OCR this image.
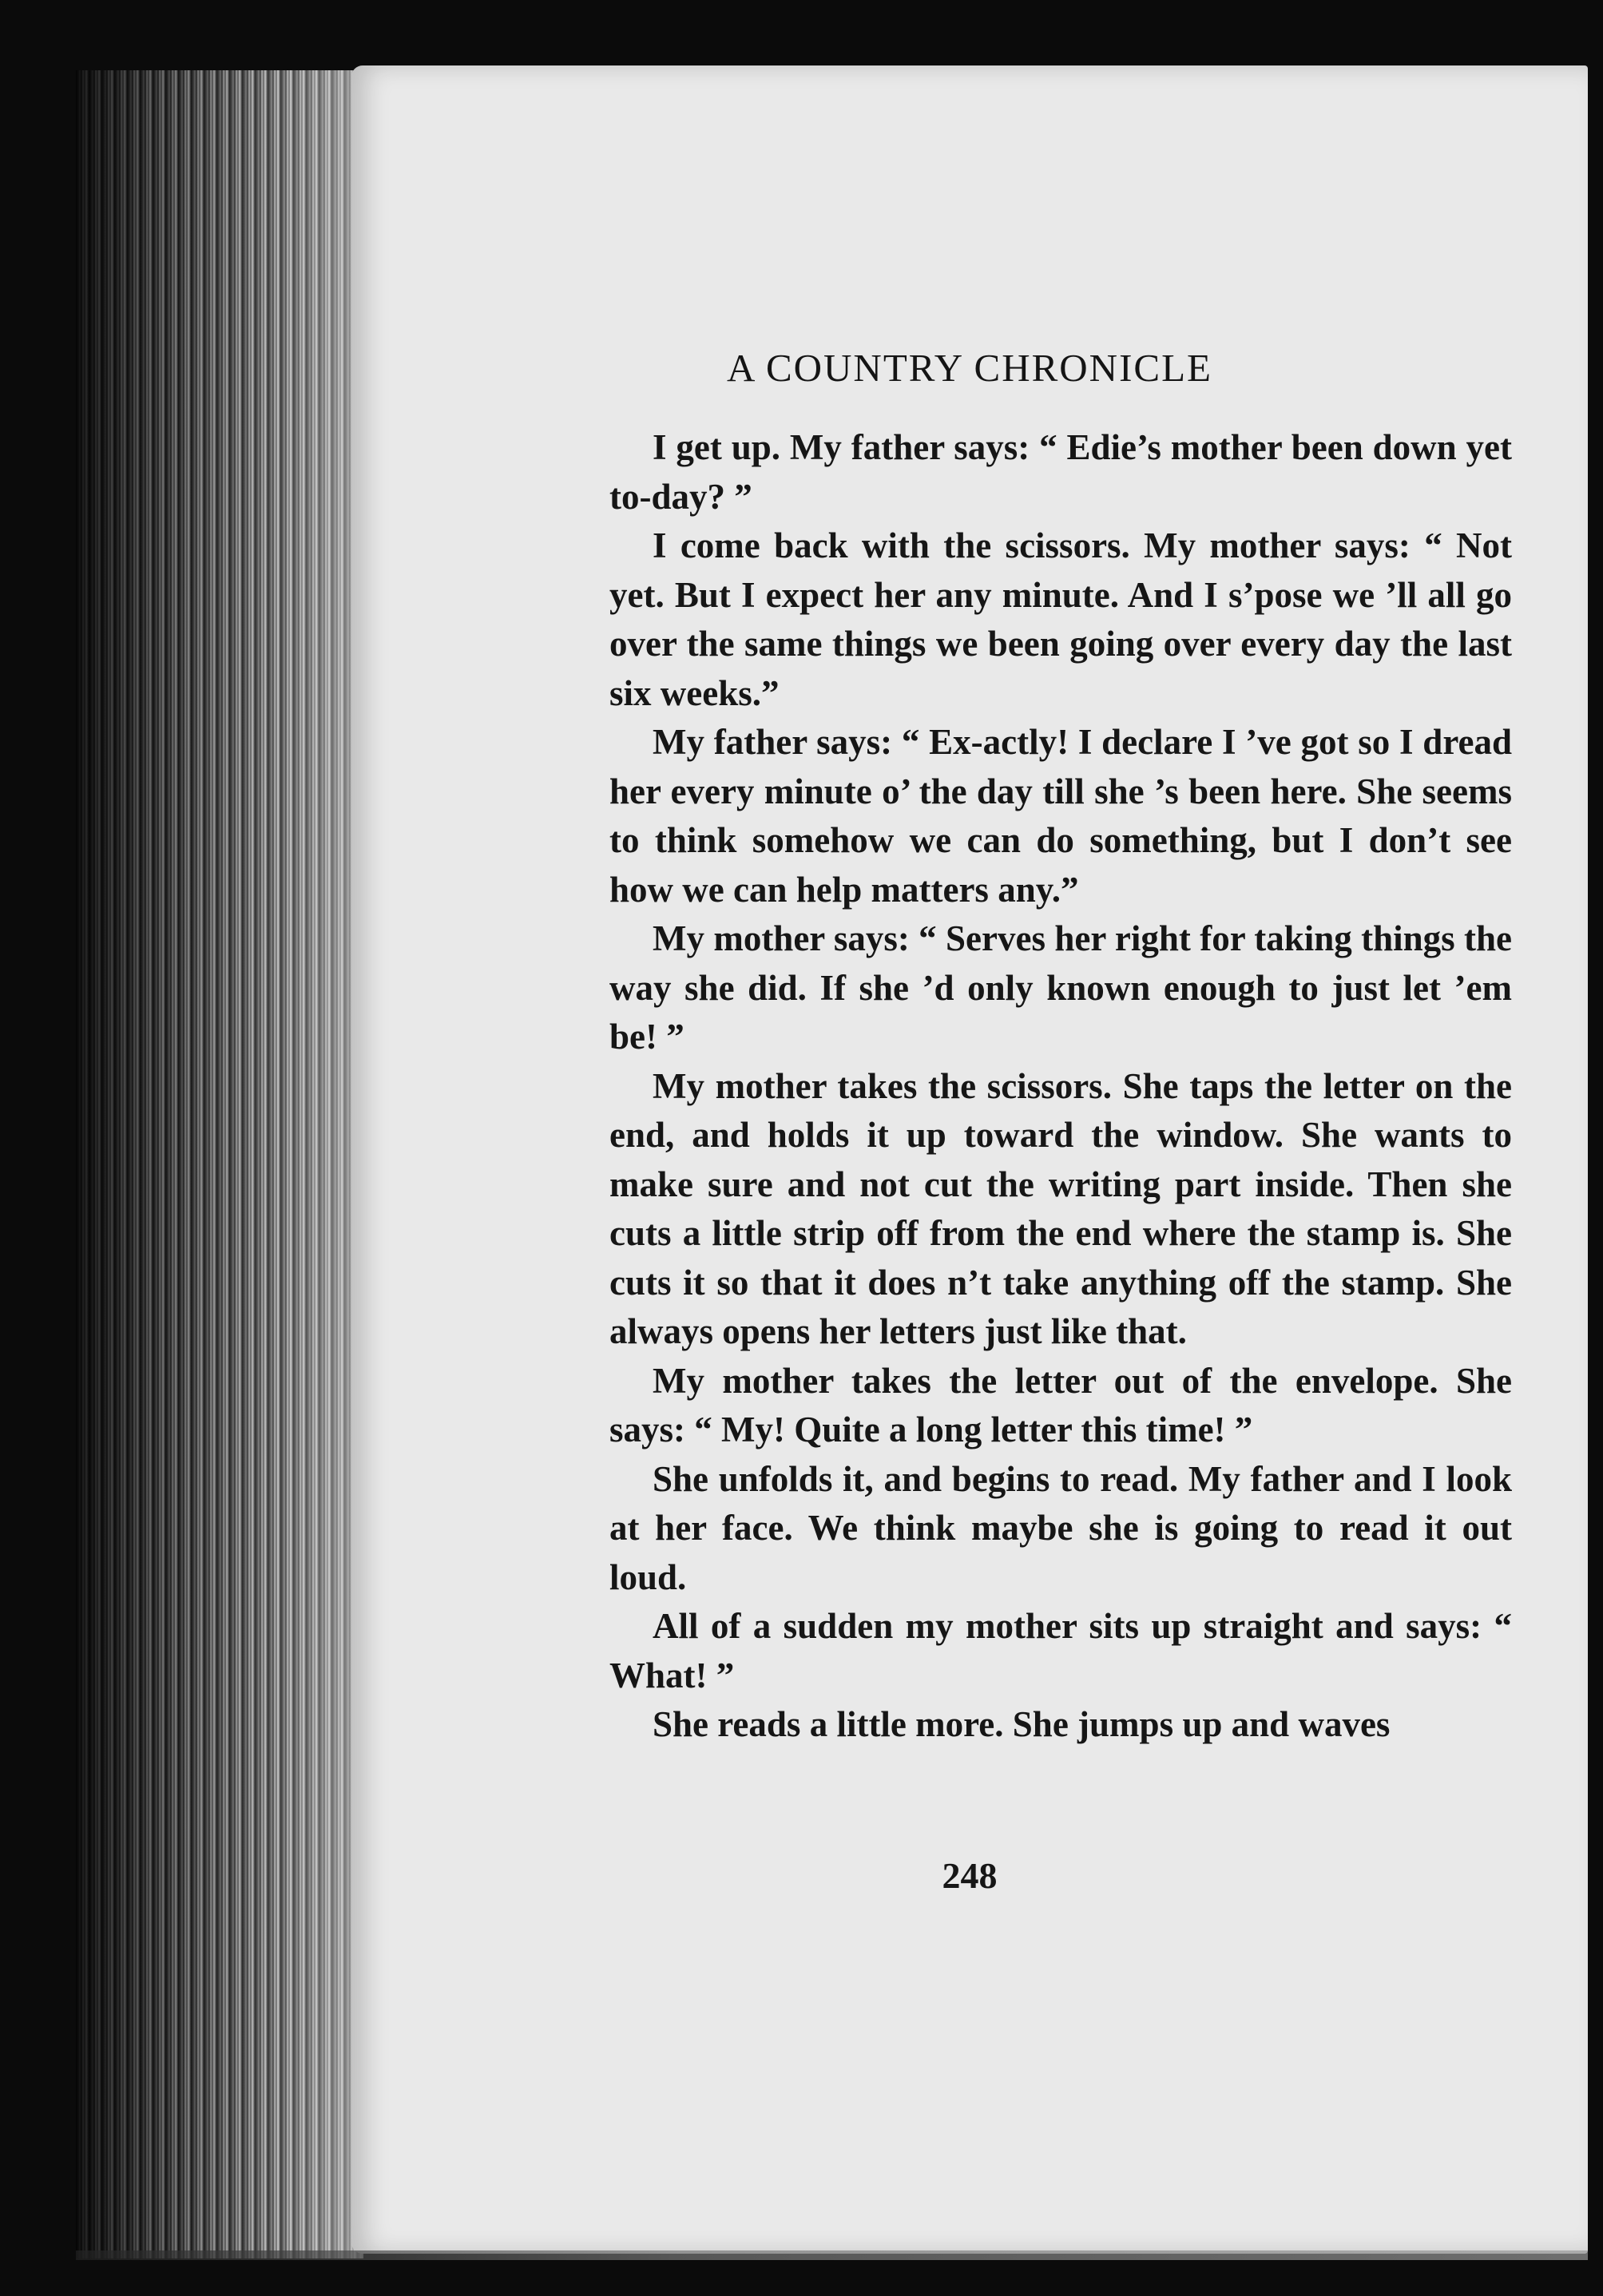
A COUNTRY CHRONICLE

I get up. My father says: “ Edie’s mother been down yet to-day? ”

I come back with the scissors. My mother says: “ Not yet. But I expect her any minute. And I s’pose we ’ll all go over the same things we been going over every day the last six weeks.”

My father says: “ Ex-actly! I declare I ’ve got so I dread her every minute o’ the day till she ’s been here. She seems to think somehow we can do something, but I don’t see how we can help matters any.”

My mother says: “ Serves her right for taking things the way she did. If she ’d only known enough to just let ’em be! ”

My mother takes the scissors. She taps the letter on the end, and holds it up toward the window. She wants to make sure and not cut the writing part inside. Then she cuts a little strip off from the end where the stamp is. She cuts it so that it does n’t take anything off the stamp. She always opens her letters just like that.

My mother takes the letter out of the envelope. She says: “ My! Quite a long letter this time! ”

She unfolds it, and begins to read. My father and I look at her face. We think maybe she is going to read it out loud.

All of a sudden my mother sits up straight and says: “ What! ”

She reads a little more. She jumps up and waves

248
